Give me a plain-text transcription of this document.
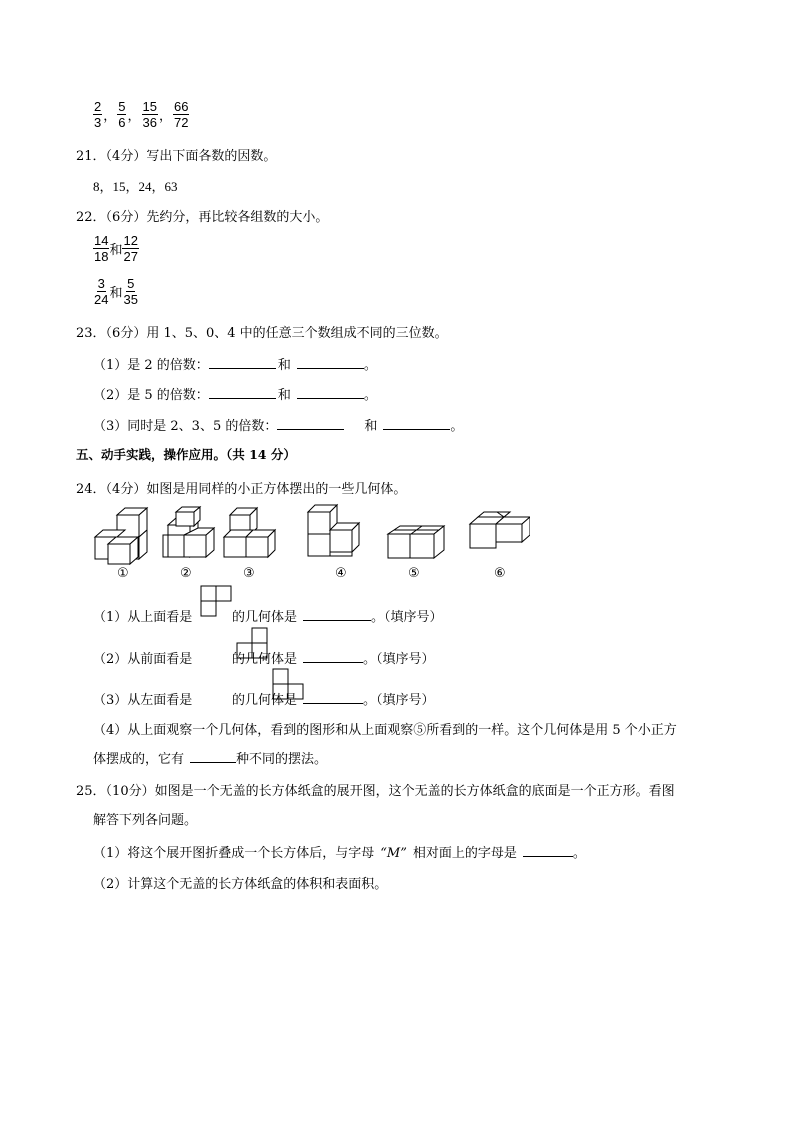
$\frac{2}{3}$ ， $\frac{5}{6}$ ， $\frac{15}{36}$ ， $\frac{66}{72}$
21．（4分）写出下面各数的因数。
8，15，24，63
22．（6分）先约分，再比较各组数的大小。
$\frac{14}{18}$ 和 $\frac{12}{27}$
$\frac{3}{24}$ 和 $\frac{5}{35}$
23．（6分）用 1、5、0、4 中的任意三个数组成不同的三位数。
（1）是 2 的倍数：	和	。
（2）是 5 的倍数：	和	。
（3）同时是 2、3、5 的倍数：	和	。
五、动手实践，操作应用。（共 14 分）
24．（4分）如图是用同样的小正方体摆出的一些几何体。
①	②	③	④	⑤	⑥
（1）从上面看是
	的几何体是	。（填序号）
（2）从前面看是
	的几何体是	。（填序号）
（3）从左面看是	的几何体是	。（填序号）
（4）从上面观察一个几何体，看到的图形和从上面观察⑤所看到的一样。这个几何体是用 5 个小正方
体摆成的，它有	种不同的摆法。
25．（10分）如图是一个无盖的长方体纸盒的展开图，这个无盖的长方体纸盒的底面是一个正方形。看图
解答下列各问题。
（1）将这个展开图折叠成一个长方体后，与字母 “M” 相对面上的字母是	。
（2）计算这个无盖的长方体纸盒的体积和表面积。
